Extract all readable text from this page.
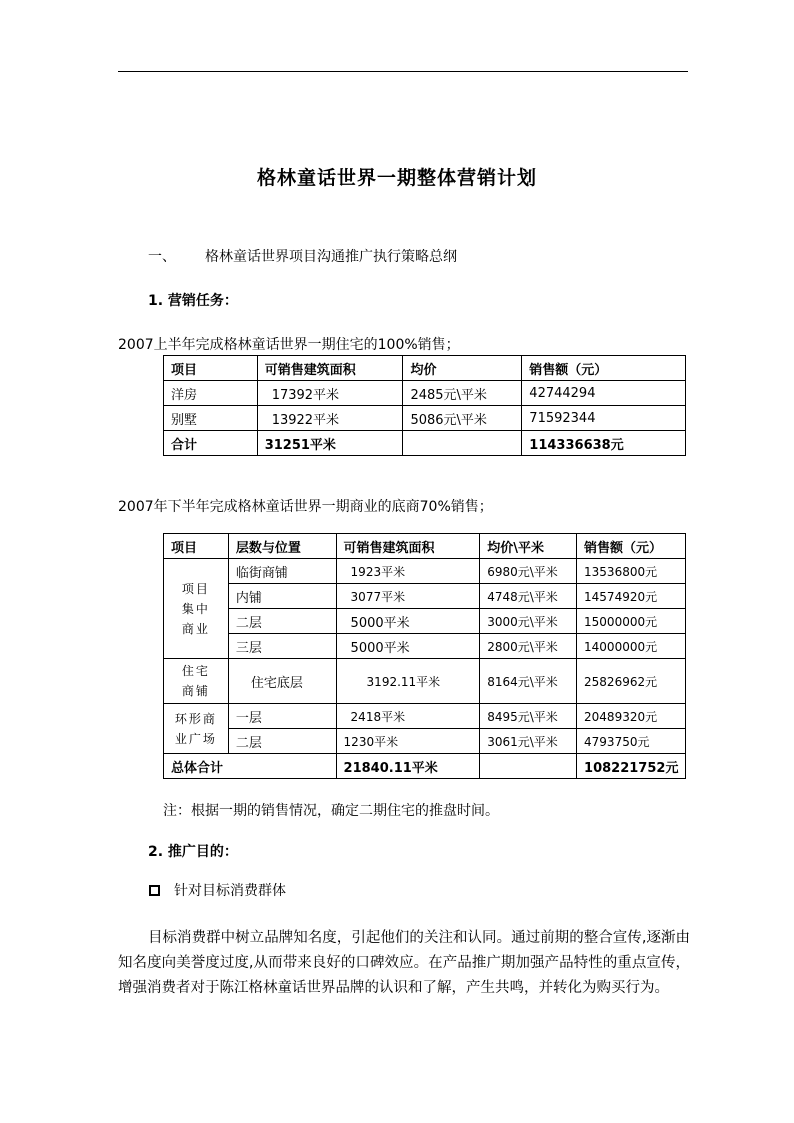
格林童话世界一期整体营销计划
一、 格林童话世界项目沟通推广执行策略总纲
1. 营销任务：
2007上半年完成格林童话世界一期住宅的100%销售；
项目	可销售建筑面积	均价	销售额（元）
洋房	17392平米	2485元\平米	42744294
别墅	13922平米	5086元\平米	71592344
合计	31251平米		114336638元
2007年下半年完成格林童话世界一期商业的底商70%销售；
项目	层数与位置	可销售建筑面积	均价\平米	销售额（元）
项目集中商业	临街商铺	1923平米	6980元\平米	13536800元
	内铺	3077平米	4748元\平米	14574920元
	二层	5000平米	3000元\平米	15000000元
	三层	5000平米	2800元\平米	14000000元
住宅商铺	住宅底层	3192.11平米	8164元\平米	25826962元
环形商业广场	一层	2418平米	8495元\平米	20489320元
	二层	1230平米	3061元\平米	4793750元
总体合计		21840.11平米		108221752元
注：根据一期的销售情况，确定二期住宅的推盘时间。
2. 推广目的：
针对目标消费群体
目标消费群中树立品牌知名度，引起他们的关注和认同。通过前期的整合宣传,逐渐由知名度向美誉度过度,从而带来良好的口碑效应。在产品推广期加强产品特性的重点宣传，增强消费者对于陈江格林童话世界品牌的认识和了解，产生共鸣，并转化为购买行为。
